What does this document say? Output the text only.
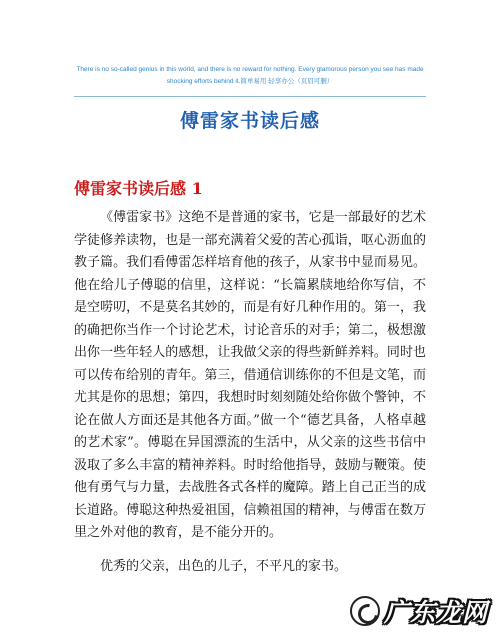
There is no so-called genius in this world, and there is no reward for nothing. Every glamorous person you see has made shocking efforts behind it.简单易用 轻享办公（页眉可删）
傅雷家书读后感
傅雷家书读后感 1

《傅雷家书》这绝不是普通的家书，它是一部最好的艺术学徒修养读物，也是一部充满着父爱的苦心孤诣，呕心沥血的教子篇。我们看傅雷怎样培育他的孩子，从家书中显而易见。他在给儿子傅聪的信里，这样说：“长篇累牍地给你写信，不是空唠叨，不是莫名其妙的，而是有好几种作用的。第一，我的确把你当作一个讨论艺术，讨论音乐的对手；第二，极想激出你一些年轻人的感想，让我做父亲的得些新鲜养料。同时也可以传布给别的青年。第三，借通信训练你的不但是文笔，而尤其是你的思想；第四，我想时时刻刻随处给你做个警钟，不论在做人方面还是其他各方面。”做一个“德艺具备，人格卓越的艺术家”。傅聪在异国漂流的生活中，从父亲的这些书信中汲取了多么丰富的精神养料。时时给他指导，鼓励与鞭策。使他有勇气与力量，去战胜各式各样的魔障。踏上自己正当的成长道路。傅聪这种热爱祖国，信赖祖国的精神，与傅雷在数万里之外对他的教育，是不能分开的。

优秀的父亲，出色的儿子，不平凡的家书。

广东龙网
